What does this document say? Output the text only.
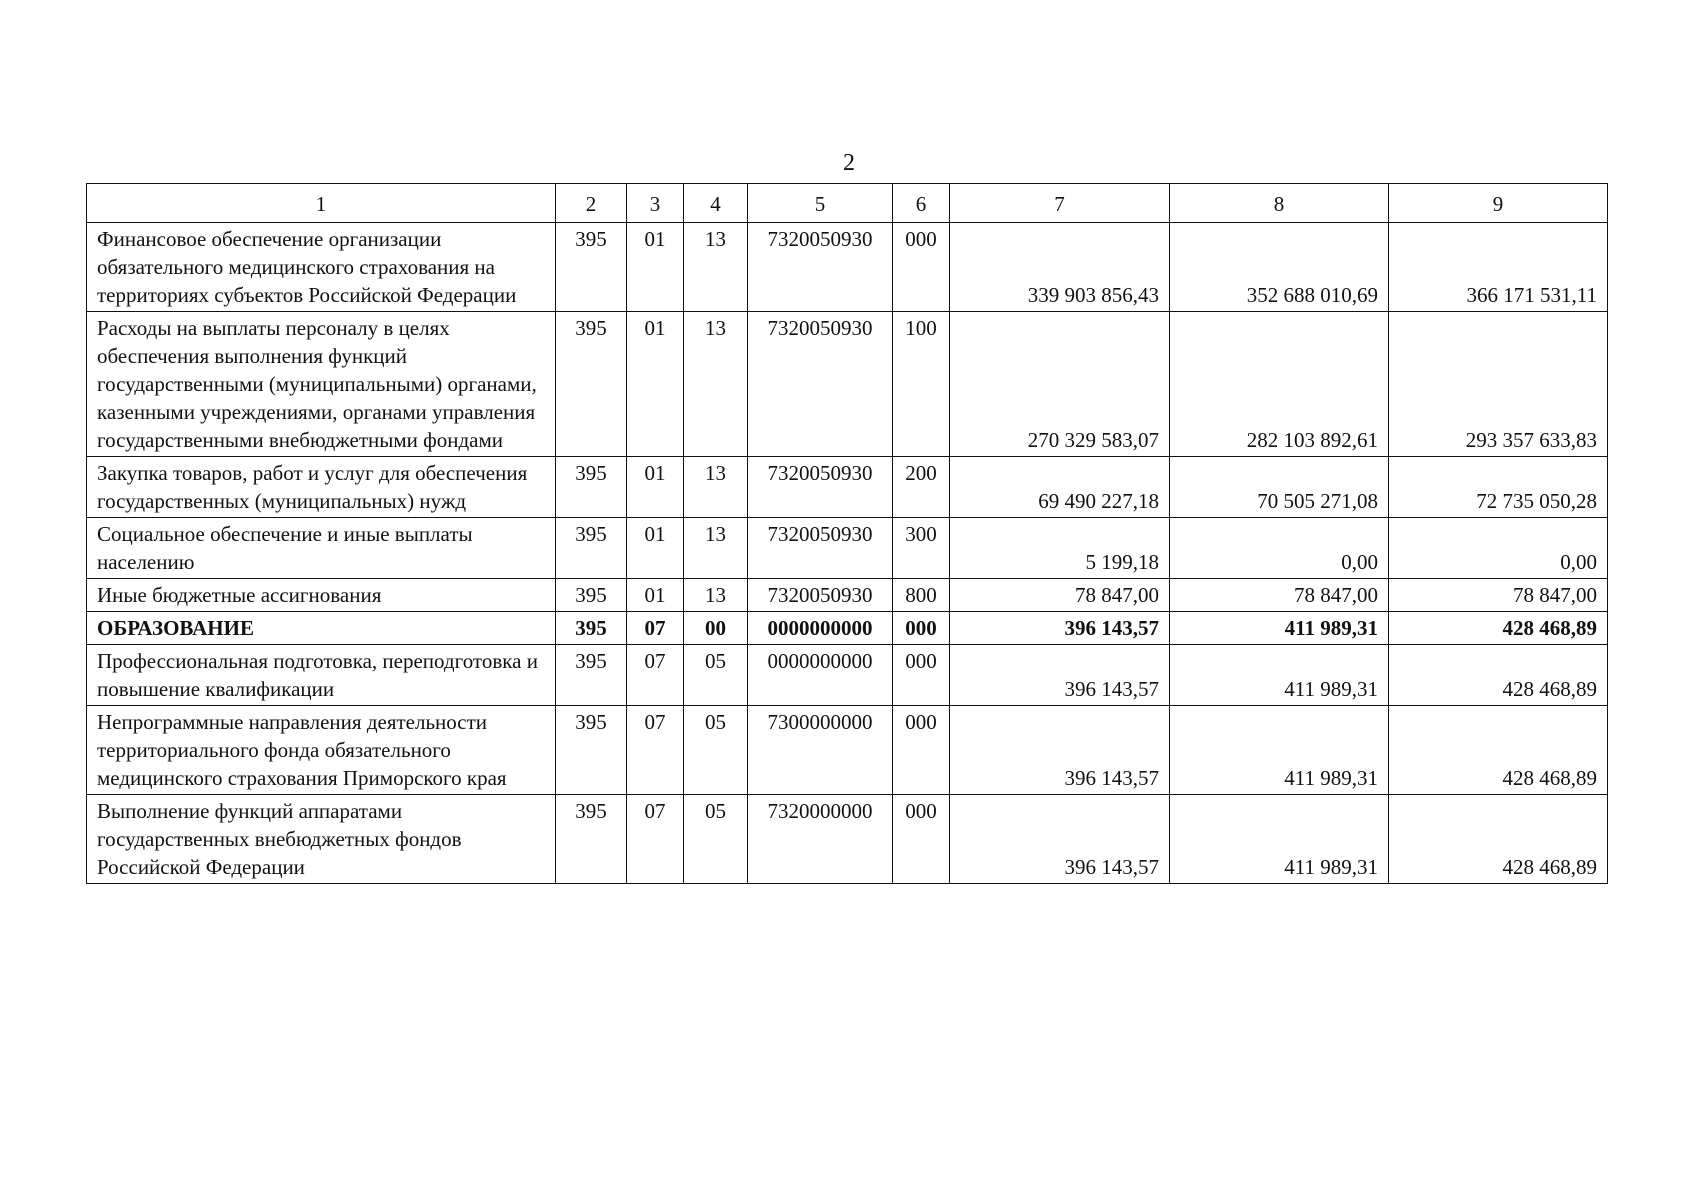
2
1	2	3	4	5	6	7	8	9
Финансовое обеспечение организации обязательного медицинского страхования на территориях субъектов Российской Федерации	395	01	13	7320050930	000	339 903 856,43	352 688 010,69	366 171 531,11
Расходы на выплаты персоналу в целях обеспечения выполнения функций государственными (муниципальными) органами, казенными учреждениями, органами управления государственными внебюджетными фондами	395	01	13	7320050930	100	270 329 583,07	282 103 892,61	293 357 633,83
Закупка товаров, работ и услуг для обеспечения государственных (муниципальных) нужд	395	01	13	7320050930	200	69 490 227,18	70 505 271,08	72 735 050,28
Социальное обеспечение и иные выплаты населению	395	01	13	7320050930	300	5 199,18	0,00	0,00
Иные бюджетные ассигнования	395	01	13	7320050930	800	78 847,00	78 847,00	78 847,00
ОБРАЗОВАНИЕ	395	07	00	0000000000	000	396 143,57	411 989,31	428 468,89
Профессиональная подготовка, переподготовка и повышение квалификации	395	07	05	0000000000	000	396 143,57	411 989,31	428 468,89
Непрограммные направления деятельности территориального фонда обязательного медицинского страхования Приморского края	395	07	05	7300000000	000	396 143,57	411 989,31	428 468,89
Выполнение функций аппаратами государственных внебюджетных фондов Российской Федерации	395	07	05	7320000000	000	396 143,57	411 989,31	428 468,89
